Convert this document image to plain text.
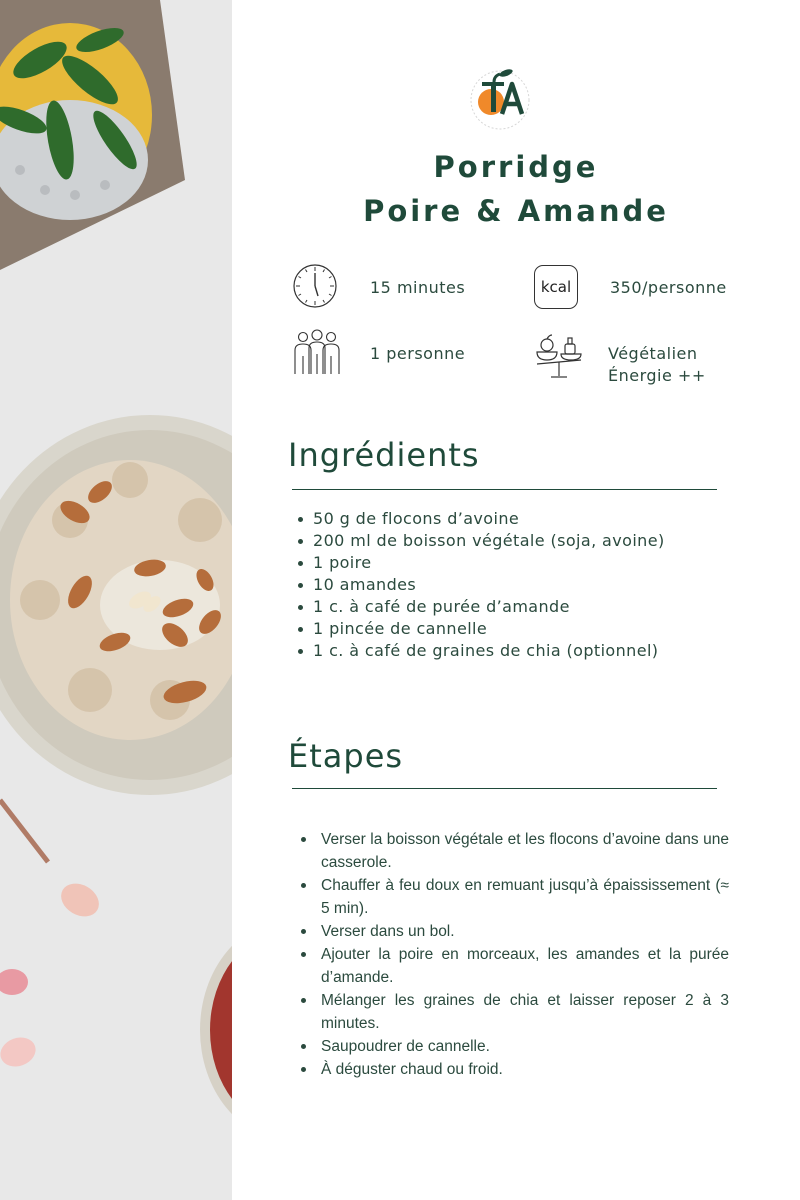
Porridge
Poire & Amande
15 minutes	kcal 350/personne
1 personne	Végétalien
Énergie ++
Ingrédients
50 g de flocons d’avoine
200 ml de boisson végétale (soja, avoine)
1 poire
10 amandes
1 c. à café de purée d’amande
1 pincée de cannelle
1 c. à café de graines de chia (optionnel)
Étapes
Verser la boisson végétale et les flocons d’avoine dans une casserole.
Chauffer à feu doux en remuant jusqu’à épaississement (≈ 5 min).
Verser dans un bol.
Ajouter la poire en morceaux, les amandes et la purée d’amande.
Mélanger les graines de chia et laisser reposer 2 à 3 minutes.
Saupoudrer de cannelle.
À déguster chaud ou froid.
